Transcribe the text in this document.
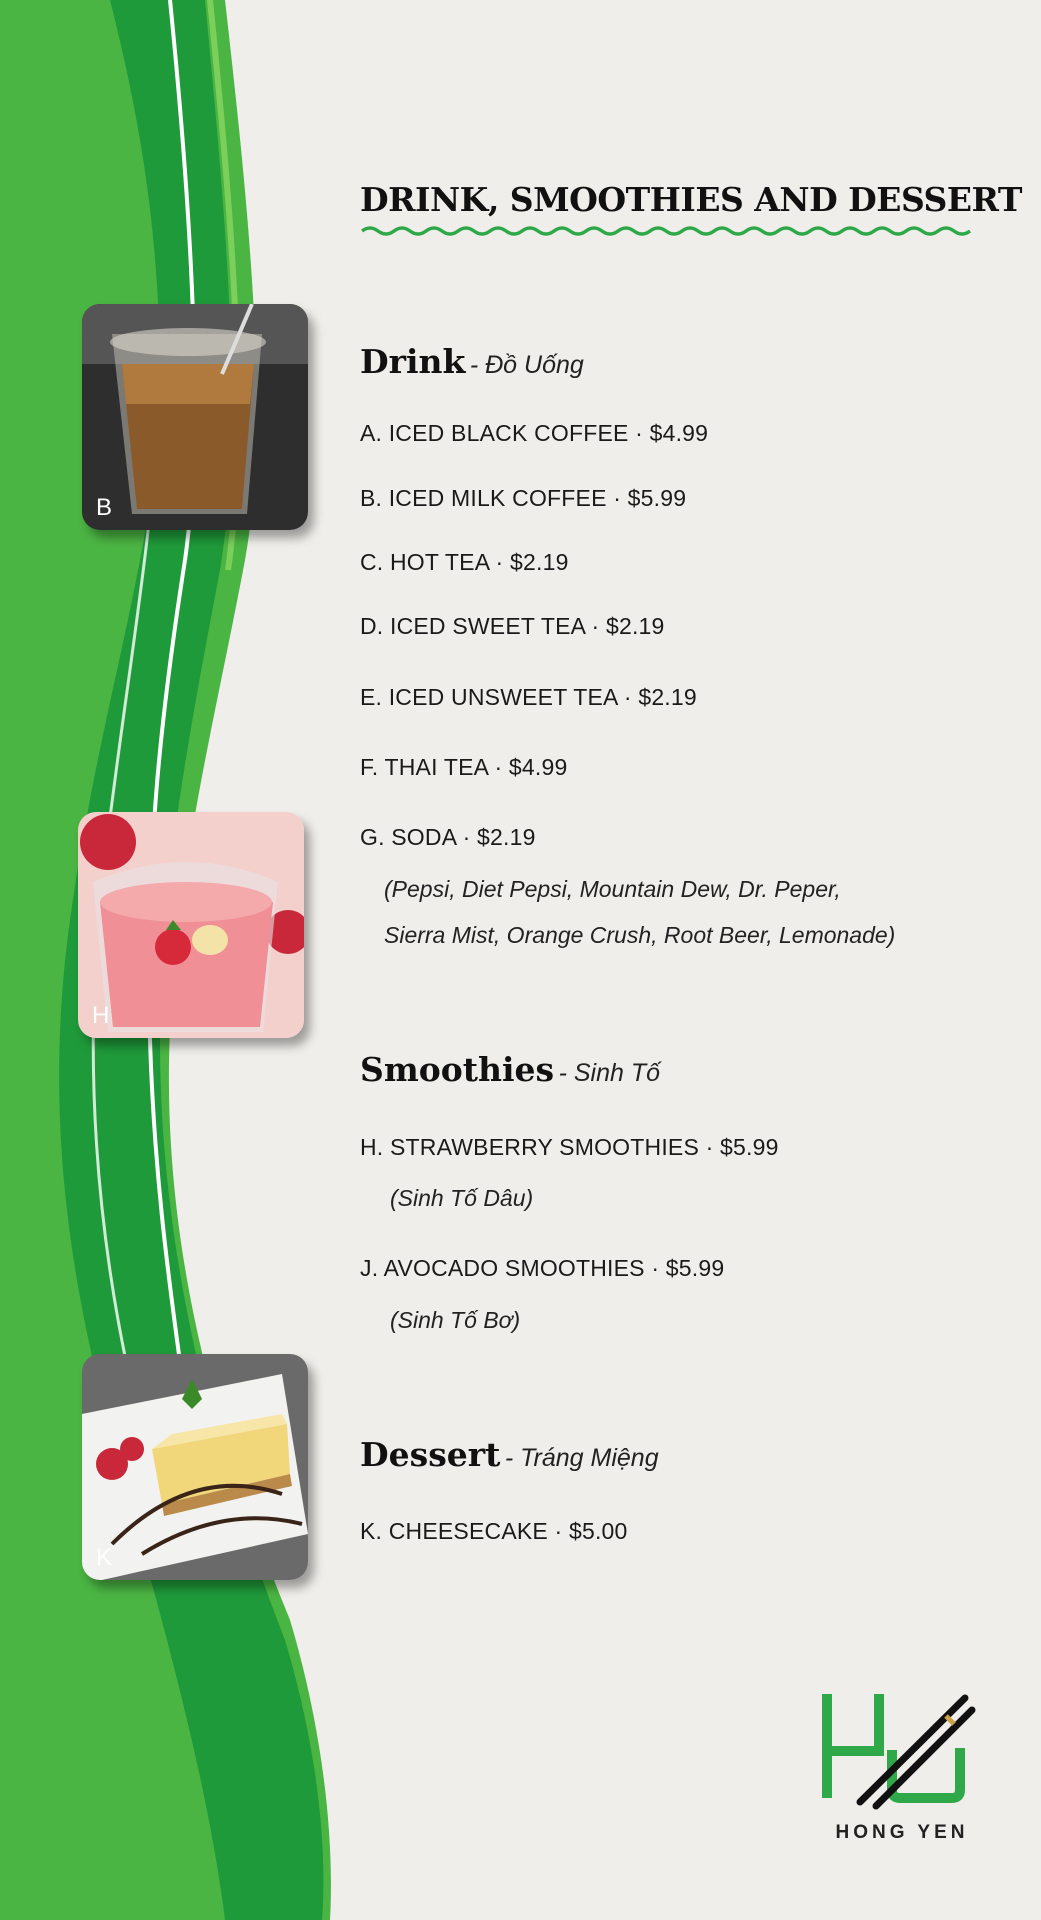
DRINK, SMOOTHIES AND DESSERT
B
H
K
Drink - Đồ Uống
A. ICED BLACK COFFEE · $4.99
B. ICED MILK COFFEE · $5.99
C. HOT TEA · $2.19
D. ICED SWEET TEA · $2.19
E. ICED UNSWEET TEA · $2.19
F. THAI TEA · $4.99
G. SODA · $2.19
(Pepsi, Diet Pepsi, Mountain Dew, Dr. Peper,
Sierra Mist, Orange Crush, Root Beer, Lemonade)
Smoothies - Sinh Tố
H. STRAWBERRY SMOOTHIES · $5.99
(Sinh Tố Dâu)
J. AVOCADO SMOOTHIES · $5.99
(Sinh Tố Bơ)
Dessert - Tráng Miệng
K. CHEESECAKE · $5.00
HONG YEN
